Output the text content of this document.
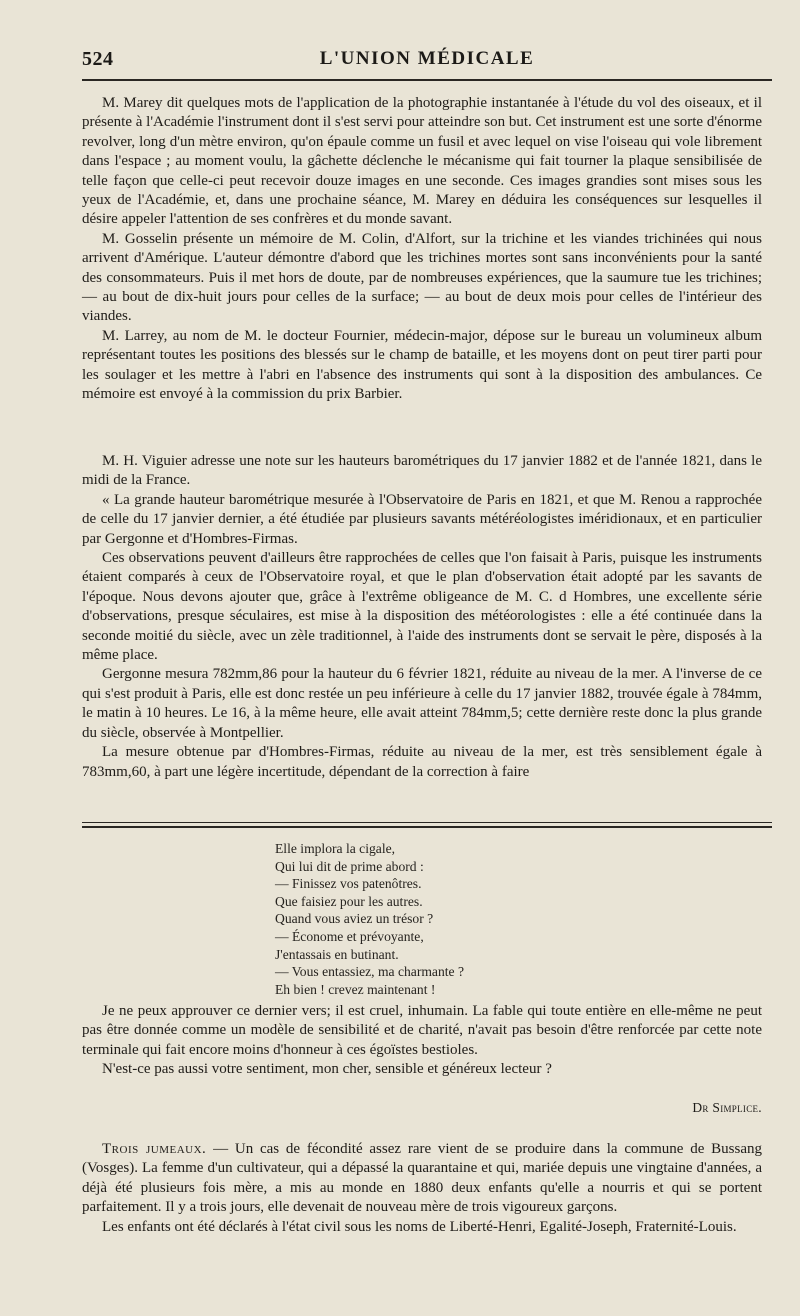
524	L'UNION MÉDICALE

M. Marey dit quelques mots de l'application de la photographie instantanée à l'étude du vol des oiseaux, et il présente à l'Académie l'instrument dont il s'est servi pour atteindre son but. Cet instrument est une sorte d'énorme revolver, long d'un mètre environ, qu'on épaule comme un fusil et avec lequel on vise l'oiseau qui vole librement dans l'espace ; au moment voulu, la gâchette déclenche le mécanisme qui fait tourner la plaque sensibilisée de telle façon que celle-ci peut recevoir douze images en une seconde. Ces images grandies sont mises sous les yeux de l'Académie, et, dans une prochaine séance, M. Marey en déduira les conséquences sur lesquelles il désire appeler l'attention de ses confrères et du monde savant.

M. Gosselin présente un mémoire de M. Colin, d'Alfort, sur la trichine et les viandes trichinées qui nous arrivent d'Amérique. L'auteur démontre d'abord que les trichines mortes sont sans inconvénients pour la santé des consommateurs. Puis il met hors de doute, par de nombreuses expériences, que la saumure tue les trichines; — au bout de dix-huit jours pour celles de la surface; — au bout de deux mois pour celles de l'intérieur des viandes.

M. Larrey, au nom de M. le docteur Fournier, médecin-major, dépose sur le bureau un volumineux album représentant toutes les positions des blessés sur le champ de bataille, et les moyens dont on peut tirer parti pour les soulager et les mettre à l'abri en l'absence des instruments qui sont à la disposition des ambulances. Ce mémoire est envoyé à la commission du prix Barbier.

M. H. Viguier adresse une note sur les hauteurs barométriques du 17 janvier 1882 et de l'année 1821, dans le midi de la France.

« La grande hauteur barométrique mesurée à l'Observatoire de Paris en 1821, et que M. Renou a rapprochée de celle du 17 janvier dernier, a été étudiée par plusieurs savants météréologistes iméridionaux, et en particulier par Gergonne et d'Hombres-Firmas.

Ces observations peuvent d'ailleurs être rapprochées de celles que l'on faisait à Paris, puisque les instruments étaient comparés à ceux de l'Observatoire royal, et que le plan d'observation était adopté par les savants de l'époque. Nous devons ajouter que, grâce à l'extrême obligeance de M. C. d Hombres, une excellente série d'observations, presque séculaires, est mise à la disposition des météorologistes : elle a été continuée dans la seconde moitié du siècle, avec un zèle traditionnel, à l'aide des instruments dont se servait le père, disposés à la même place.

Gergonne mesura 782mm,86 pour la hauteur du 6 février 1821, réduite au niveau de la mer. A l'inverse de ce qui s'est produit à Paris, elle est donc restée un peu inférieure à celle du 17 janvier 1882, trouvée égale à 784mm, le matin à 10 heures. Le 16, à la même heure, elle avait atteint 784mm,5; cette dernière reste donc la plus grande du siècle, observée à Montpellier.

La mesure obtenue par d'Hombres-Firmas, réduite au niveau de la mer, est très sensiblement égale à 783mm,60, à part une légère incertitude, dépendant de la correction à faire

Elle implora la cigale,
Qui lui dit de prime abord :
— Finissez vos patenôtres.
Que faisiez pour les autres.
Quand vous aviez un trésor ?
— Économe et prévoyante,
J'entassais en butinant.
— Vous entassiez, ma charmante ?
Eh bien ! crevez maintenant !

Je ne peux approuver ce dernier vers; il est cruel, inhumain. La fable qui toute entière en elle-même ne peut pas être donnée comme un modèle de sensibilité et de charité, n'avait pas besoin d'être renforcée par cette note terminale qui fait encore moins d'honneur à ces égoïstes bestioles.

N'est-ce pas aussi votre sentiment, mon cher, sensible et généreux lecteur ?

Dr Simplice.

Trois jumeaux. — Un cas de fécondité assez rare vient de se produire dans la commune de Bussang (Vosges). La femme d'un cultivateur, qui a dépassé la quarantaine et qui, mariée depuis une vingtaine d'années, a déjà été plusieurs fois mère, a mis au monde en 1880 deux enfants qu'elle a nourris et qui se portent parfaitement. Il y a trois jours, elle devenait de nouveau mère de trois vigoureux garçons.

Les enfants ont été déclarés à l'état civil sous les noms de Liberté-Henri, Egalité-Joseph, Fraternité-Louis.
